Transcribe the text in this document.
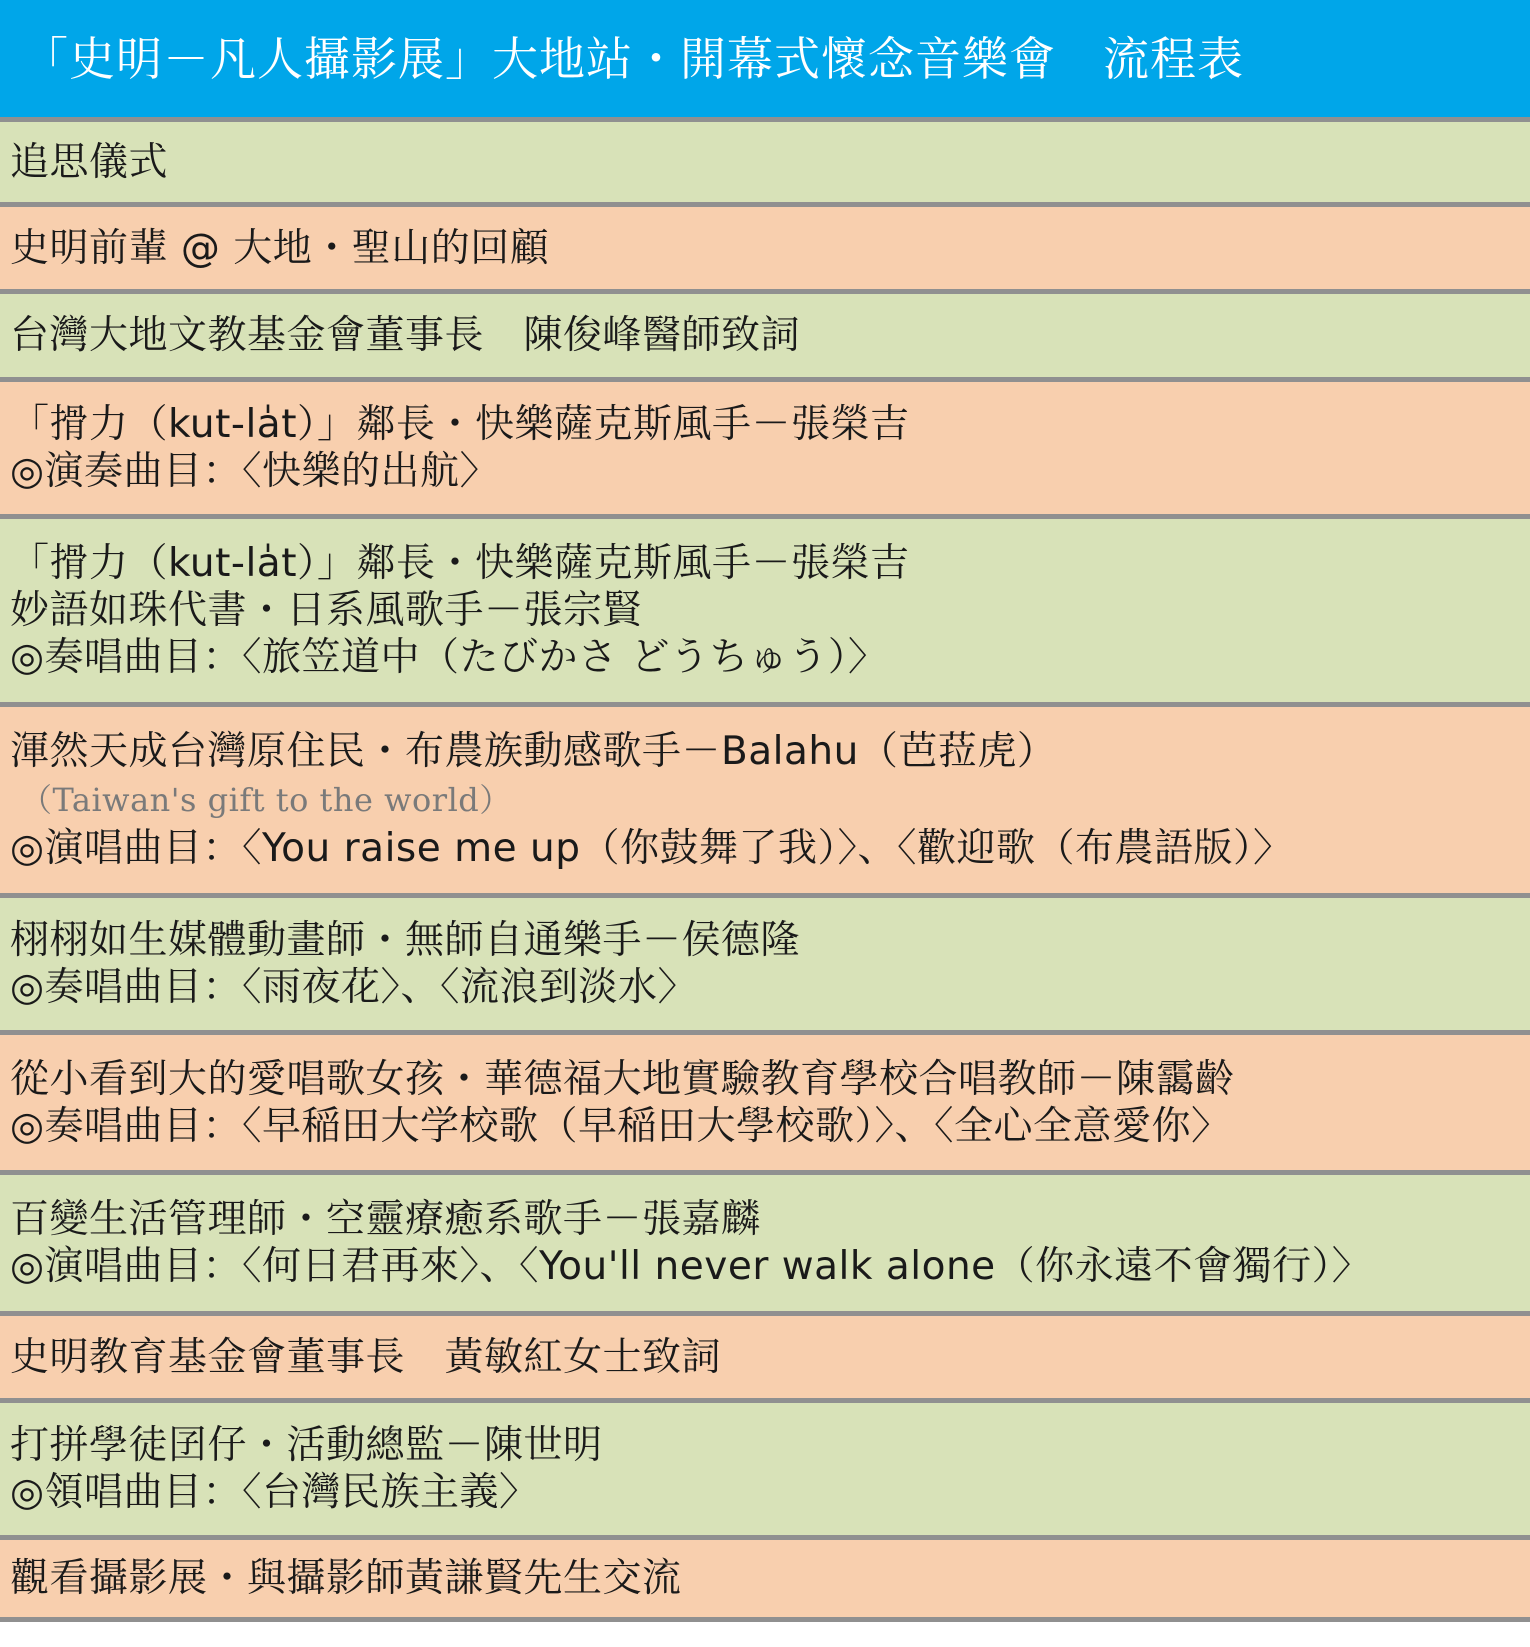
「史明－凡人攝影展」大地站・開幕式懷念音樂會　流程表
追思儀式
史明前輩 @ 大地・聖山的回顧
台灣大地文教基金會董事長　陳俊峰醫師致詞
「搰力（kut-la̍t）」鄰長・快樂薩克斯風手－張榮吉
◎演奏曲目：〈快樂的出航〉
「搰力（kut-la̍t）」鄰長・快樂薩克斯風手－張榮吉
妙語如珠代書・日系風歌手－張宗賢
◎奏唱曲目：〈旅笠道中（たびかさ どうちゅう）〉
渾然天成台灣原住民・布農族動感歌手－Balahu（芭菈虎）
（Taiwan's gift to the world）
◎演唱曲目：〈You raise me up（你鼓舞了我）〉、〈歡迎歌（布農語版）〉
栩栩如生媒體動畫師・無師自通樂手－侯德隆
◎奏唱曲目：〈雨夜花〉、〈流浪到淡水〉
從小看到大的愛唱歌女孩・華德福大地實驗教育學校合唱教師－陳靄齡
◎奏唱曲目：〈早稲田大学校歌（早稲田大學校歌）〉、〈全心全意愛你〉
百變生活管理師・空靈療癒系歌手－張嘉麟
◎演唱曲目：〈何日君再來〉、〈You'll never walk alone（你永遠不會獨行）〉
史明教育基金會董事長　黃敏紅女士致詞
打拼學徒囝仔・活動總監－陳世明
◎領唱曲目：〈台灣民族主義〉
觀看攝影展・與攝影師黃謙賢先生交流
